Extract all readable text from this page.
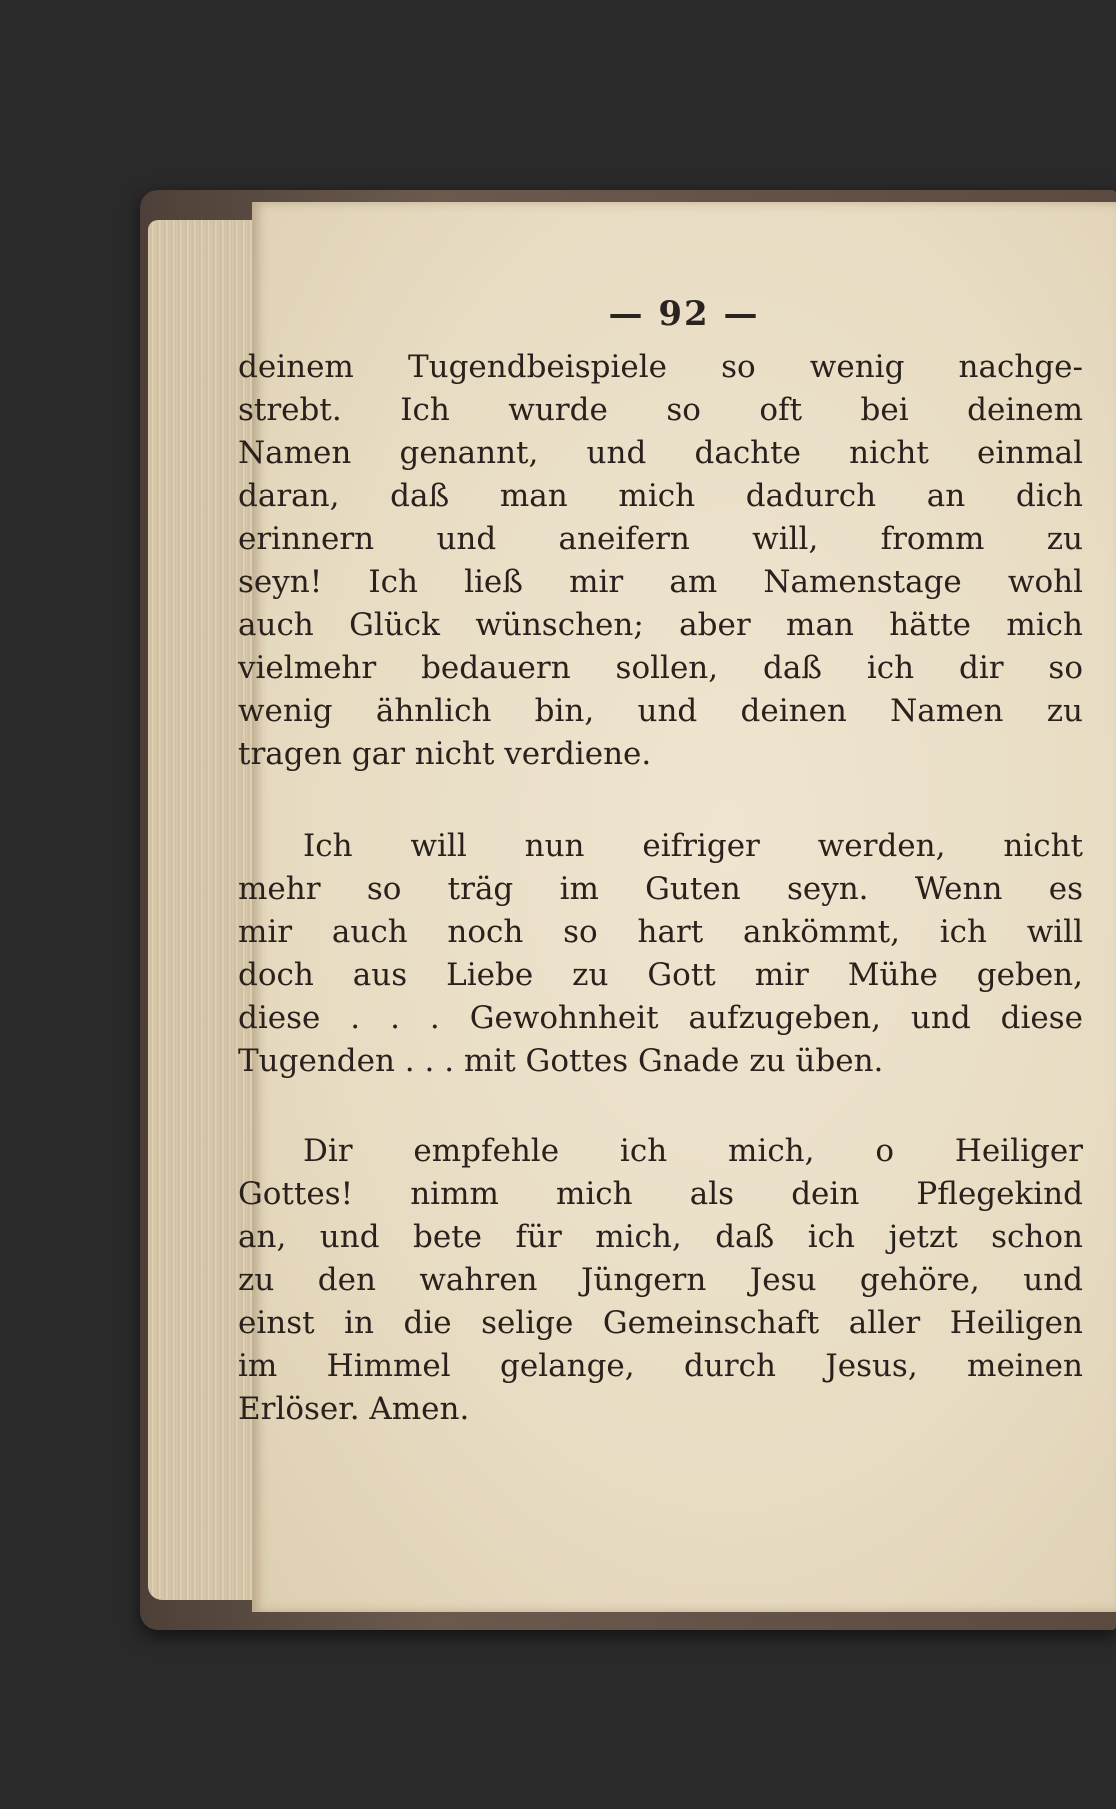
— 92 —
deinem Tugendbeispiele so wenig nachge-
strebt. Ich wurde so oft bei deinem
Namen genannt, und dachte nicht einmal
daran, daß man mich dadurch an dich
erinnern und aneifern will, fromm zu
seyn! Ich ließ mir am Namenstage wohl
auch Glück wünschen; aber man hätte mich
vielmehr bedauern sollen, daß ich dir so
wenig ähnlich bin, und deinen Namen zu
tragen gar nicht verdiene.
Ich will nun eifriger werden, nicht
mehr so träg im Guten seyn. Wenn es
mir auch noch so hart ankömmt, ich will
doch aus Liebe zu Gott mir Mühe geben,
diese . . . Gewohnheit aufzugeben, und diese
Tugenden . . . mit Gottes Gnade zu üben.
Dir empfehle ich mich, o Heiliger
Gottes! nimm mich als dein Pflegekind
an, und bete für mich, daß ich jetzt schon
zu den wahren Jüngern Jesu gehöre, und
einst in die selige Gemeinschaft aller Heiligen
im Himmel gelange, durch Jesus, meinen
Erlöser. Amen.
